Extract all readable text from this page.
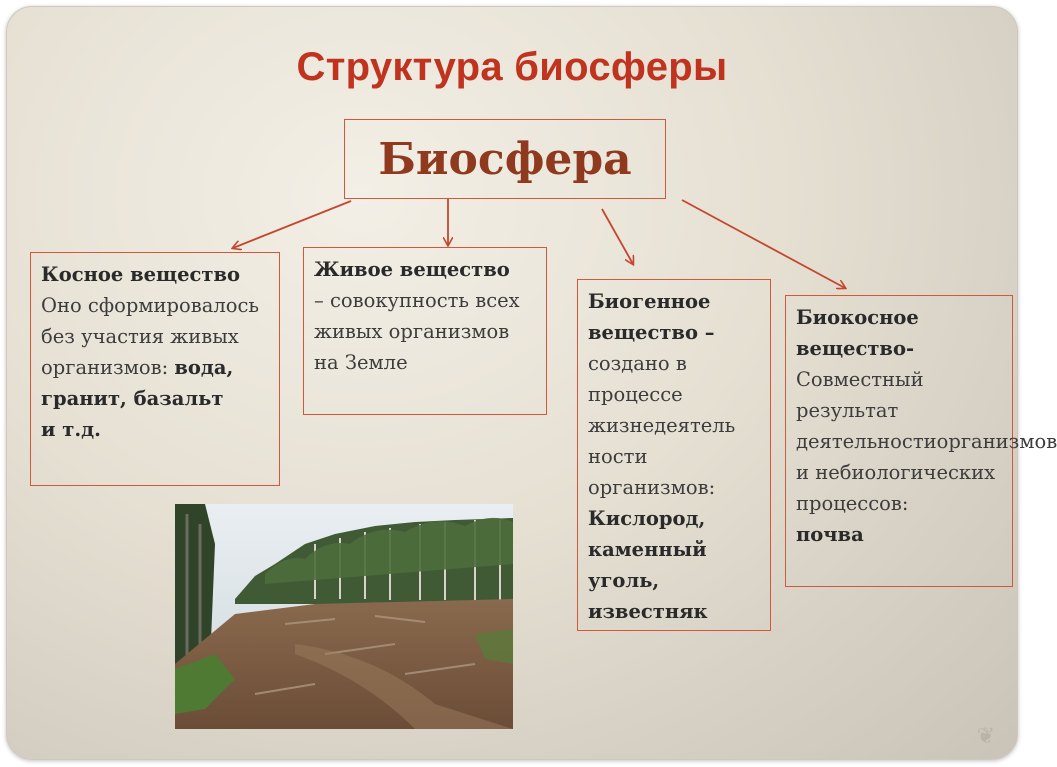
Структура биосферы
Биосфера
Косное вещество
Оно сформировалось без участия живых организмов: вода,
гранит, базальт
и т.д.
Живое вещество
– совокупность всех живых организмов на Земле
Биогенное вещество –
создано в процессе жизнедеятель ности организмов:
Кислород, каменный уголь, известняк
Биокосное вещество-
Совместный результат деятельностиорганизмов и небиологических процессов:
почва
❦
